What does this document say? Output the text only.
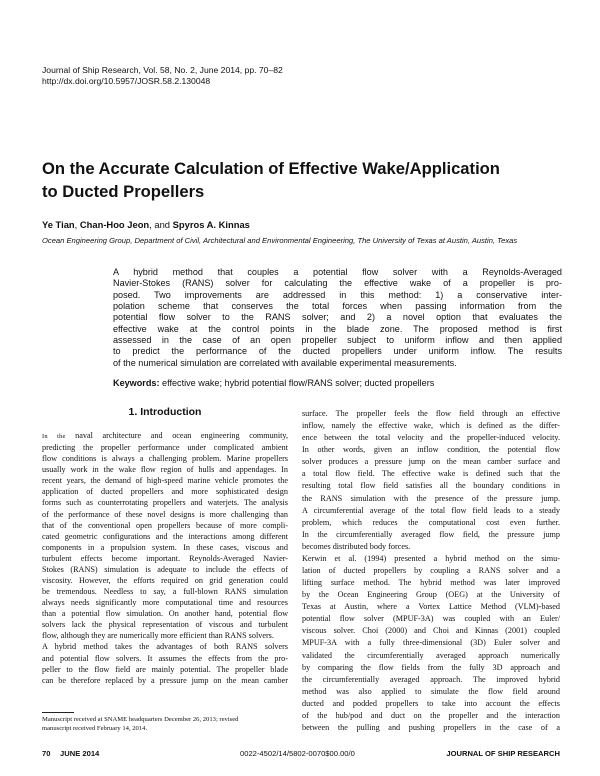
Journal of Ship Research, Vol. 58, No. 2, June 2014, pp. 70–82
http://dx.doi.org/10.5957/JOSR.58.2.130048
On the Accurate Calculation of Effective Wake/Application
to Ducted Propellers
Ye Tian, Chan-Hoo Jeon, and Spyros A. Kinnas
Ocean Engineering Group, Department of Civil, Architectural and Environmental Engineering, The University of Texas at Austin, Austin, Texas
A hybrid method that couples a potential flow solver with a Reynolds-Averaged
Navier-Stokes (RANS) solver for calculating the effective wake of a propeller is pro-
posed. Two improvements are addressed in this method: 1) a conservative inter-
polation scheme that conserves the total forces when passing information from the
potential flow solver to the RANS solver; and 2) a novel option that evaluates the
effective wake at the control points in the blade zone. The proposed method is first
assessed in the case of an open propeller subject to uniform inflow and then applied
to predict the performance of the ducted propellers under uniform inflow. The results
of the numerical simulation are correlated with available experimental measurements.
Keywords: effective wake; hybrid potential flow/RANS solver; ducted propellers
1. Introduction
In the naval architecture and ocean engineering community,
predicting the propeller performance under complicated ambient
flow conditions is always a challenging problem. Marine propellers
usually work in the wake flow region of hulls and appendages. In
recent years, the demand of high-speed marine vehicle promotes the
application of ducted propellers and more sophisticated design
forms such as counterrotating propellers and waterjets. The analysis
of the performance of these novel designs is more challenging than
that of the conventional open propellers because of more compli-
cated geometric configurations and the interactions among different
components in a propulsion system. In these cases, viscous and
turbulent effects become important. Reynolds-Averaged Navier-
Stokes (RANS) simulation is adequate to include the effects of
viscosity. However, the efforts required on grid generation could
be tremendous. Needless to say, a full-blown RANS simulation
always needs significantly more computational time and resources
than a potential flow simulation. On another hand, potential flow
solvers lack the physical representation of viscous and turbulent
flow, although they are numerically more efficient than RANS solvers.
A hybrid method takes the advantages of both RANS solvers
and potential flow solvers. It assumes the effects from the pro-
peller to the flow field are mainly potential. The propeller blade
can be therefore replaced by a pressure jump on the mean camber
surface. The propeller feels the flow field through an effective
inflow, namely the effective wake, which is defined as the differ-
ence between the total velocity and the propeller-induced velocity.
In other words, given an inflow condition, the potential flow
solver produces a pressure jump on the mean camber surface and
a total flow field. The effective wake is defined such that the
resulting total flow field satisfies all the boundary conditions in
the RANS simulation with the presence of the pressure jump.
A circumferential average of the total flow field leads to a steady
problem, which reduces the computational cost even further.
In the circumferentially averaged flow field, the pressure jump
becomes distributed body forces.
Kerwin et al. (1994) presented a hybrid method on the simu-
lation of ducted propellers by coupling a RANS solver and a
lifting surface method. The hybrid method was later improved
by the Ocean Engineering Group (OEG) at the University of
Texas at Austin, where a Vortex Lattice Method (VLM)-based
potential flow solver (MPUF-3A) was coupled with an Euler/
viscous solver. Choi (2000) and Choi and Kinnas (2001) coupled
MPUF-3A with a fully three-dimensional (3D) Euler solver and
validated the circumferentially averaged approach numerically
by comparing the flow fields from the fully 3D approach and
the circumferentially averaged approach. The improved hybrid
method was also applied to simulate the flow field around
ducted and podded propellers to take into account the effects
of the hub/pod and duct on the propeller and the interaction
between the pulling and pushing propellers in the case of a
Manuscript received at SNAME headquarters December 26, 2013; revised
manuscript received February 14, 2014.
70 JUNE 2014	0022-4502/14/5802-0070$00.00/0	JOURNAL OF SHIP RESEARCH
